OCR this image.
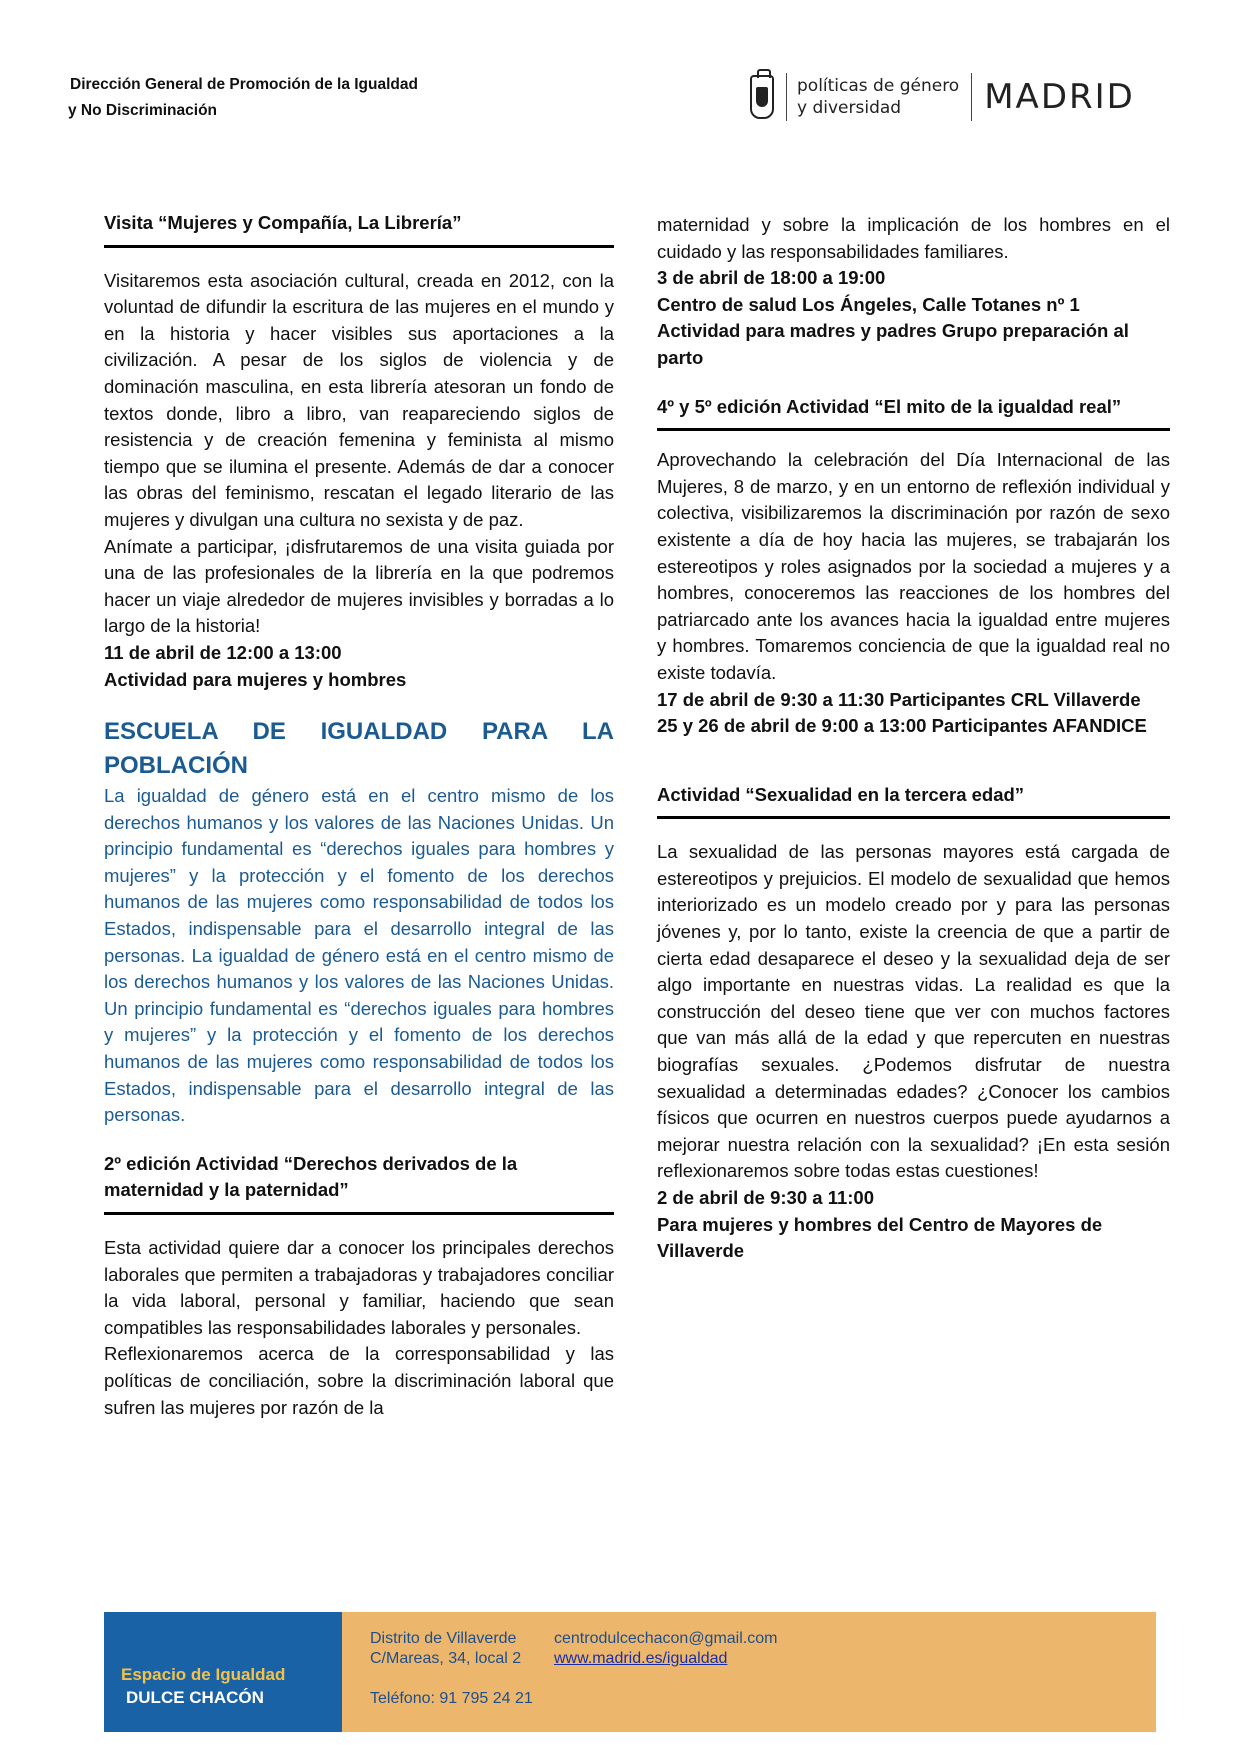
Dirección General de Promoción de la Igualdad
y No Discriminación
políticas de género
y diversidad	MADRID

Visita “Mujeres y Compañía, La Librería”

Visitaremos esta asociación cultural, creada en 2012, con la voluntad de difundir la escritura de las mujeres en el mundo y en la historia y hacer visibles sus aportaciones a la civilización. A pesar de los siglos de violencia y de dominación masculina, en esta librería atesoran un fondo de textos donde, libro a libro, van reapareciendo siglos de resistencia y de creación femenina y feminista al mismo tiempo que se ilumina el presente. Además de dar a conocer las obras del feminismo, rescatan el legado literario de las mujeres y divulgan una cultura no sexista y de paz.

Anímate a participar, ¡disfrutaremos de una visita guiada por una de las profesionales de la librería en la que podremos hacer un viaje alrededor de mujeres invisibles y borradas a lo largo de la historia!

11 de abril de 12:00 a 13:00

Actividad para mujeres y hombres

ESCUELA DE IGUALDAD PARA LA

POBLACIÓN

La igualdad de género está en el centro mismo de los derechos humanos y los valores de las Naciones Unidas. Un principio fundamental es “derechos iguales para hombres y mujeres” y la protección y el fomento de los derechos humanos de las mujeres como responsabilidad de todos los Estados, indispensable para el desarrollo integral de las personas. La igualdad de género está en el centro mismo de los derechos humanos y los valores de las Naciones Unidas. Un principio fundamental es “derechos iguales para hombres y mujeres” y la protección y el fomento de los derechos humanos de las mujeres como responsabilidad de todos los Estados, indispensable para el desarrollo integral de las personas.

2º edición Actividad “Derechos derivados de la maternidad y la paternidad”

Esta actividad quiere dar a conocer los principales derechos laborales que permiten a trabajadoras y trabajadores conciliar la vida laboral, personal y familiar, haciendo que sean compatibles las responsabilidades laborales y personales.

Reflexionaremos acerca de la corresponsabilidad y las políticas de conciliación, sobre la discriminación laboral que sufren las mujeres por razón de la

maternidad y sobre la implicación de los hombres en el cuidado y las responsabilidades familiares.

3 de abril de 18:00 a 19:00

Centro de salud Los Ángeles, Calle Totanes nº 1

Actividad para madres y padres Grupo preparación al parto

4º y 5º edición Actividad “El mito de la igualdad real”

Aprovechando la celebración del Día Internacional de las Mujeres, 8 de marzo, y en un entorno de reflexión individual y colectiva, visibilizaremos la discriminación por razón de sexo existente a día de hoy hacia las mujeres, se trabajarán los estereotipos y roles asignados por la sociedad a mujeres y a hombres, conoceremos las reacciones de los hombres del patriarcado ante los avances hacia la igualdad entre mujeres y hombres. Tomaremos conciencia de que la igualdad real no existe todavía.

17 de abril de 9:30 a 11:30 Participantes CRL Villaverde

25 y 26 de abril de 9:00 a 13:00 Participantes AFANDICE

Actividad “Sexualidad en la tercera edad”

La sexualidad de las personas mayores está cargada de estereotipos y prejuicios. El modelo de sexualidad que hemos interiorizado es un modelo creado por y para las personas jóvenes y, por lo tanto, existe la creencia de que a partir de cierta edad desaparece el deseo y la sexualidad deja de ser algo importante en nuestras vidas. La realidad es que la construcción del deseo tiene que ver con muchos factores que van más allá de la edad y que repercuten en nuestras biografías sexuales. ¿Podemos disfrutar de nuestra sexualidad a determinadas edades? ¿Conocer los cambios físicos que ocurren en nuestros cuerpos puede ayudarnos a mejorar nuestra relación con la sexualidad? ¡En esta sesión reflexionaremos sobre todas estas cuestiones!

2 de abril de 9:30 a 11:00

Para mujeres y hombres del Centro de Mayores de Villaverde

Espacio de Igualdad
DULCE CHACÓN
Distrito de Villaverde
C/Mareas, 34, local 2
Teléfono: 91 795 24 21
centrodulcechacon@gmail.com
www.madrid.es/igualdad
